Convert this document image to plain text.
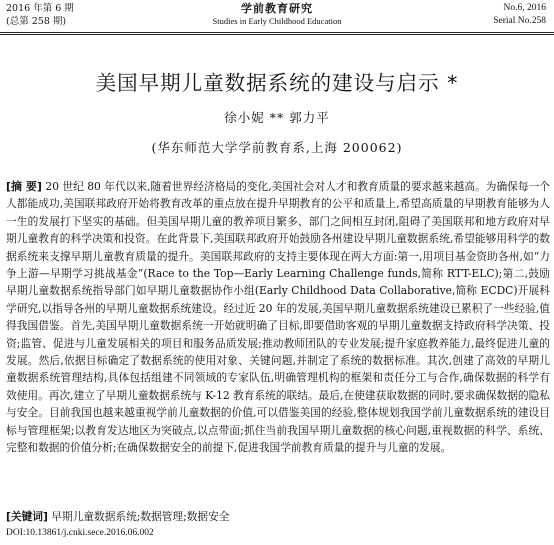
2016 年第 6 期
(总第 258 期)
学前教育研究
Studies in Early Childhood Education
No.6, 2016
Serial No.258
美国早期儿童数据系统的建设与启示 *
徐小妮 ** 郭力平
(华东师范大学学前教育系,上海 200062)
[摘 要] 20 世纪 80 年代以来,随着世界经济格局的变化,美国社会对人才和教育质量的要求越来越高。为确保每一个人都能成功,美国联邦政府开始将教育改革的重点放在提升早期教育的公平和质量上,希望高质量的早期教育能够为人一生的发展打下坚实的基础。但美国早期儿童的教养项目繁多、部门之间相互封闭,阻碍了美国联邦和地方政府对早期儿童教育的科学决策和投资。在此背景下,美国联邦政府开始鼓励各州建设早期儿童数据系统,希望能够用科学的数据系统来支撑早期儿童教育质量的提升。美国联邦政府的支持主要体现在两大方面:第一,用项目基金资助各州,如“力争上游—早期学习挑战基金”(Race to the Top—Early Learning Challenge funds,简称 RTT-ELC);第二,鼓励早期儿童数据系统指导部门如早期儿童数据协作小组(Early Childhood Data Collaborative,简称 ECDC)开展科学研究,以指导各州的早期儿童数据系统建设。经过近 20 年的发展,美国早期儿童数据系统建设已累积了一些经验,值得我国借鉴。首先,美国早期儿童数据系统一开始就明确了目标,即要借助客观的早期儿童数据支持政府科学决策、投资;监管、促进与儿童发展相关的项目和服务品质发展;推动教师团队的专业发展;提升家庭教养能力,最终促进儿童的发展。然后,依据目标确定了数据系统的使用对象、关键问题,并制定了系统的数据标准。其次,创建了高效的早期儿童数据系统管理结构,具体包括组建不同领域的专家队伍,明确管理机构的框架和责任分工与合作,确保数据的科学有效使用。再次,建立了早期儿童数据系统与 K-12 教育系统的联结。最后,在使建获取数据的同时,要求确保数据的隐私与安全。目前我国也越来越重视学前儿童数据的价值,可以借鉴美国的经验,整体规划我国学前儿童数据系统的建设目标与管理框架;以教育发达地区为突破点,以点带面;抓住当前我国早期儿童数据的核心问题,重视数据的科学、系统、完整和数据的价值分析;在确保数据安全的前提下,促进我国学前教育质量的提升与儿童的发展。
[关键词] 早期儿童数据系统;数据管理;数据安全
DOI:10.13861/j.cnki.sece.2016.06.002
